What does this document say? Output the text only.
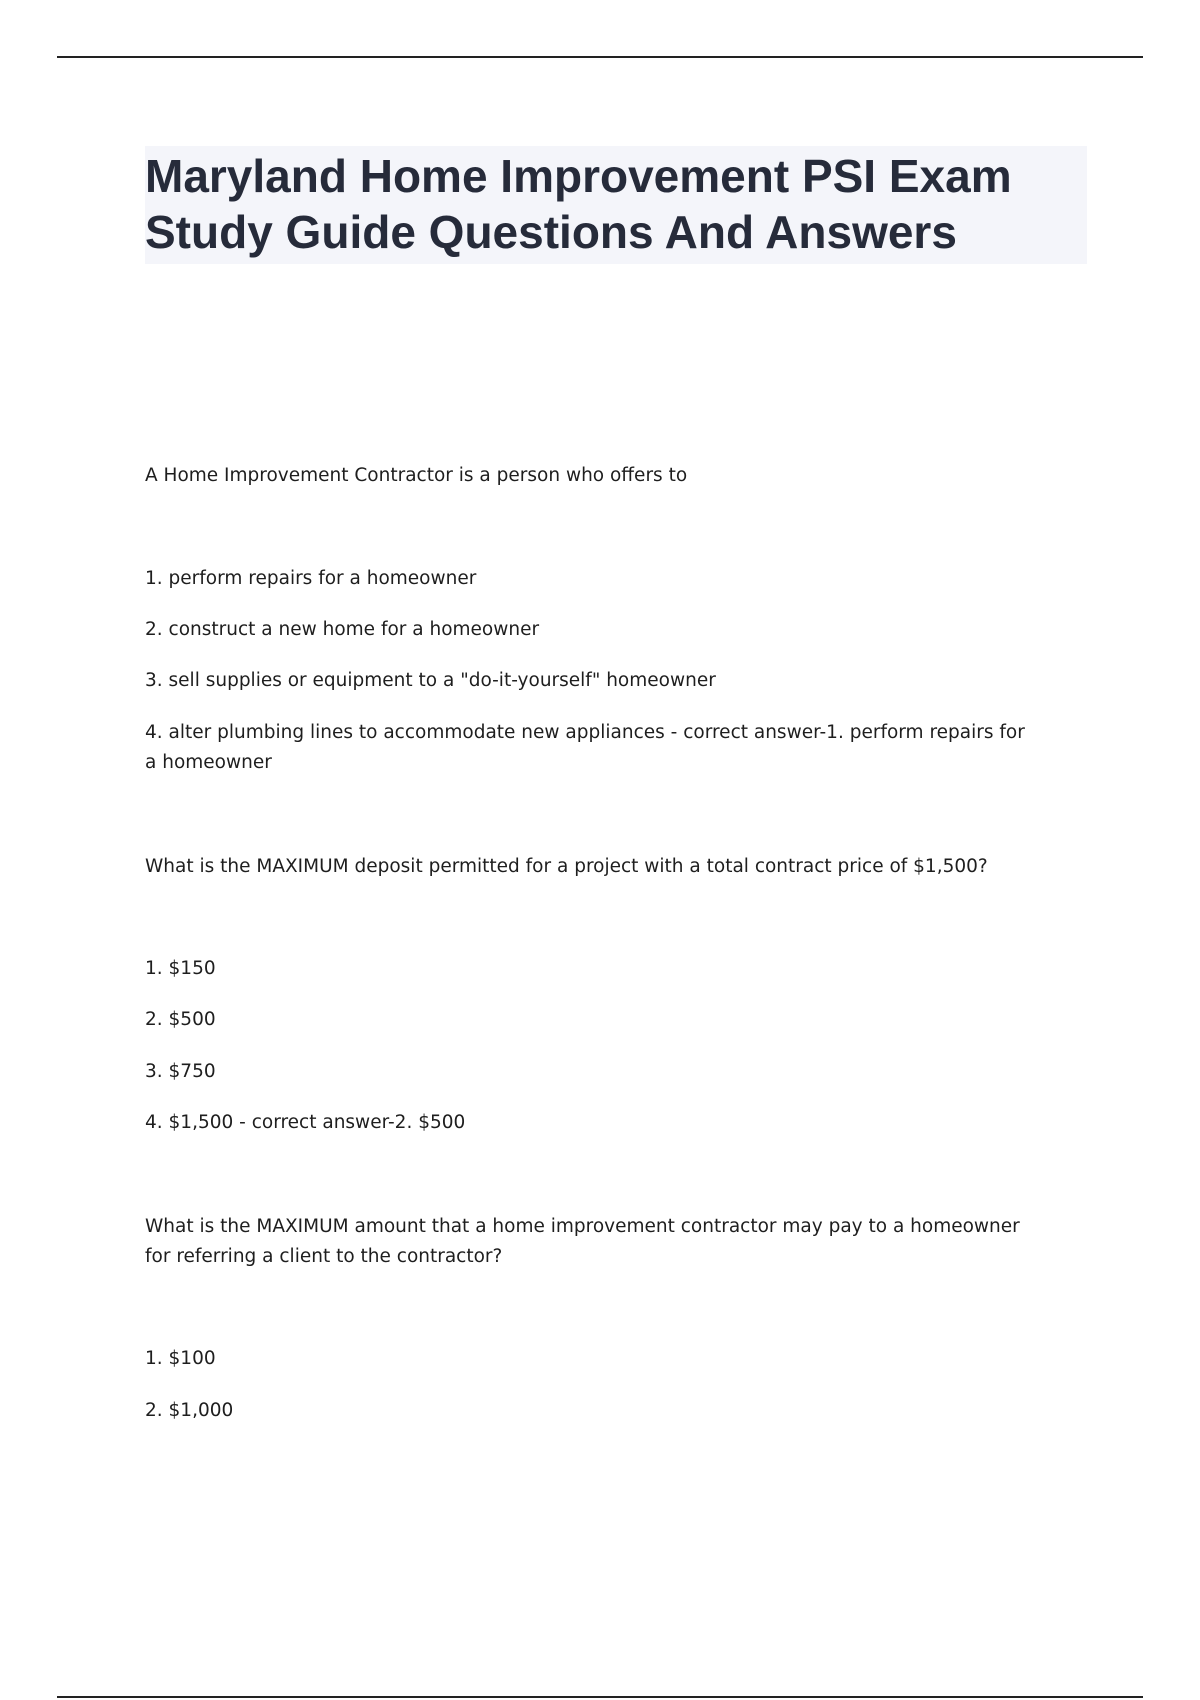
Maryland Home Improvement PSI Exam
Study Guide Questions And Answers

A Home Improvement Contractor is a person who offers to

1. perform repairs for a homeowner

2. construct a new home for a homeowner

3. sell supplies or equipment to a "do-it-yourself" homeowner

4. alter plumbing lines to accommodate new appliances - correct answer-1. perform repairs for a homeowner

What is the MAXIMUM deposit permitted for a project with a total contract price of $1,500?

1. $150

2. $500

3. $750

4. $1,500 - correct answer-2. $500

What is the MAXIMUM amount that a home improvement contractor may pay to a homeowner for referring a client to the contractor?

1. $100

2. $1,000
